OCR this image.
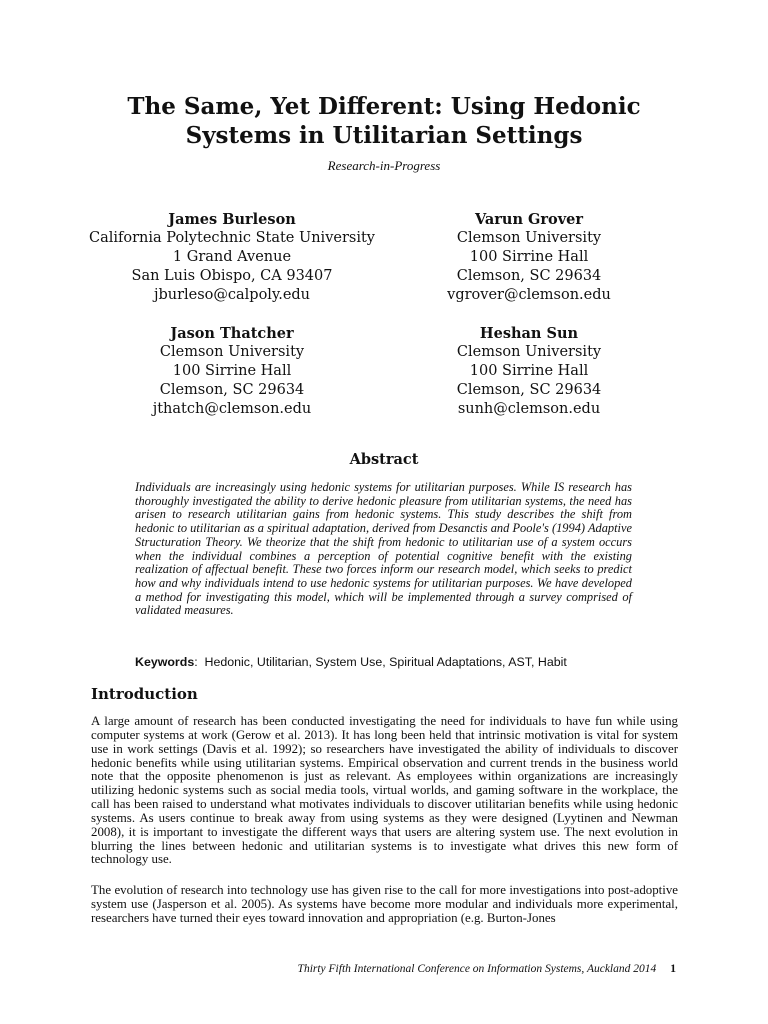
The Same, Yet Different: Using Hedonic
Systems in Utilitarian Settings
Research-in-Progress
James Burleson
California Polytechnic State University
1 Grand Avenue
San Luis Obispo, CA 93407
jburleso@calpoly.edu
Varun Grover
Clemson University
100 Sirrine Hall
Clemson, SC 29634
vgrover@clemson.edu
Jason Thatcher
Clemson University
100 Sirrine Hall
Clemson, SC 29634
jthatch@clemson.edu
Heshan Sun
Clemson University
100 Sirrine Hall
Clemson, SC 29634
sunh@clemson.edu
Abstract
Individuals are increasingly using hedonic systems for utilitarian purposes. While IS research has thoroughly investigated the ability to derive hedonic pleasure from utilitarian systems, the need has arisen to research utilitarian gains from hedonic systems. This study describes the shift from hedonic to utilitarian as a spiritual adaptation, derived from Desanctis and Poole's (1994) Adaptive Structuration Theory. We theorize that the shift from hedonic to utilitarian use of a system occurs when the individual combines a perception of potential cognitive benefit with the existing realization of affectual benefit. These two forces inform our research model, which seeks to predict how and why individuals intend to use hedonic systems for utilitarian purposes. We have developed a method for investigating this model, which will be implemented through a survey comprised of validated measures.
Keywords:  Hedonic, Utilitarian, System Use, Spiritual Adaptations, AST, Habit
Introduction
A large amount of research has been conducted investigating the need for individuals to have fun while using computer systems at work (Gerow et al. 2013). It has long been held that intrinsic motivation is vital for system use in work settings (Davis et al. 1992); so researchers have investigated the ability of individuals to discover hedonic benefits while using utilitarian systems. Empirical observation and current trends in the business world note that the opposite phenomenon is just as relevant. As employees within organizations are increasingly utilizing hedonic systems such as social media tools, virtual worlds, and gaming software in the workplace, the call has been raised to understand what motivates individuals to discover utilitarian benefits while using hedonic systems. As users continue to break away from using systems as they were designed (Lyytinen and Newman 2008), it is important to investigate the different ways that users are altering system use. The next evolution in blurring the lines between hedonic and utilitarian systems is to investigate what drives this new form of technology use.
The evolution of research into technology use has given rise to the call for more investigations into post-adoptive system use (Jasperson et al. 2005). As systems have become more modular and individuals more experimental, researchers have turned their eyes toward innovation and appropriation (e.g. Burton-Jones
Thirty Fifth International Conference on Information Systems, Auckland 2014 1
